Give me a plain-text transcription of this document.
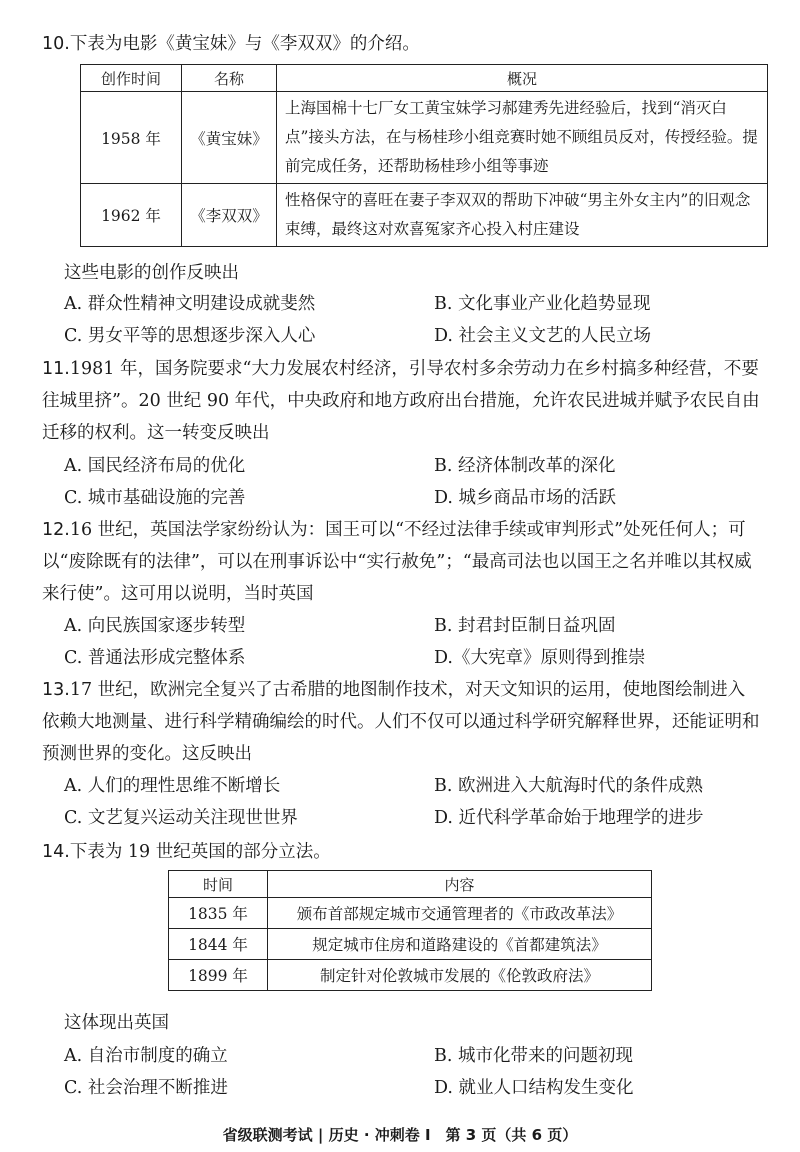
10.下表为电影《黄宝妹》与《李双双》的介绍。

创作时间	名称	概况
1958 年	《黄宝妹》	上海国棉十七厂女工黄宝妹学习郝建秀先进经验后，找到“消灭白点”接头方法，在与杨桂珍小组竞赛时她不顾组员反对，传授经验。提前完成任务，还帮助杨桂珍小组等事迹
1962 年	《李双双》	性格保守的喜旺在妻子李双双的帮助下冲破“男主外女主内”的旧观念束缚，最终这对欢喜冤家齐心投入村庄建设
这些电影的创作反映出
A. 群众性精神文明建设成就斐然	B. 文化事业产业化趋势显现
C. 男女平等的思想逐步深入人心	D. 社会主义文艺的人民立场

11.1981 年，国务院要求“大力发展农村经济，引导农村多余劳动力在乡村搞多种经营，不要往城里挤”。20 世纪 90 年代，中央政府和地方政府出台措施，允许农民进城并赋予农民自由迁移的权利。这一转变反映出

A. 国民经济布局的优化	B. 经济体制改革的深化
C. 城市基础设施的完善	D. 城乡商品市场的活跃

12.16 世纪，英国法学家纷纷认为：国王可以“不经过法律手续或审判形式”处死任何人；可以“废除既有的法律”，可以在刑事诉讼中“实行赦免”；“最高司法也以国王之名并唯以其权威来行使”。这可用以说明，当时英国

A. 向民族国家逐步转型	B. 封君封臣制日益巩固
C. 普通法形成完整体系	D.《大宪章》原则得到推崇

13.17 世纪，欧洲完全复兴了古希腊的地图制作技术，对天文知识的运用，使地图绘制进入依赖大地测量、进行科学精确编绘的时代。人们不仅可以通过科学研究解释世界，还能证明和预测世界的变化。这反映出

A. 人们的理性思维不断增长	B. 欧洲进入大航海时代的条件成熟
C. 文艺复兴运动关注现世世界	D. 近代科学革命始于地理学的进步

14.下表为 19 世纪英国的部分立法。

时间	内容
1835 年	颁布首部规定城市交通管理者的《市政改革法》
1844 年	规定城市住房和道路建设的《首都建筑法》
1899 年	制定针对伦敦城市发展的《伦敦政府法》
这体现出英国
A. 自治市制度的确立	B. 城市化带来的问题初现
C. 社会治理不断推进	D. 就业人口结构发生变化
省级联测考试 | 历史 · 冲刺卷 Ⅰ　第 3 页（共 6 页）
